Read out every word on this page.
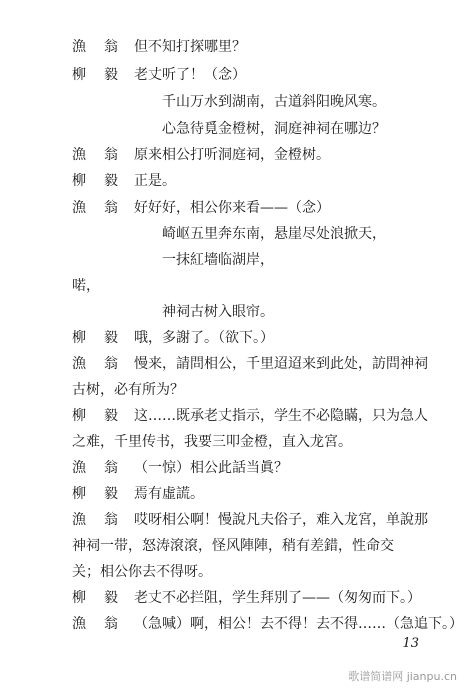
漁翁
但不知打探哪里？
柳毅
老丈听了！（念）
千山万水到湖南，古道斜阳晚风寒。
心急待覓金橙树，洞庭神祠在哪边？
漁翁
原来相公打听洞庭祠，金橙树。
柳毅
正是。
漁翁
好好好，相公你来看——（念）
崎岖五里奔东南，悬崖尽处浪掀天，
一抹紅墻临湖岸，
喏，
神祠古树入眼帘。
柳毅
哦，多謝了。（欲下。）
漁翁
慢来，請問相公，千里迢迢来到此处，訪問神祠
古树，必有所为？
柳毅
这……既承老丈指示，学生不必隐瞞，只为急人
之难，千里传书，我要三叩金橙，直入龙宮。
漁翁
（一惊）相公此話当眞？
柳毅
焉有虛謊。
漁翁
哎呀相公啊！慢說凡夫俗子，难入龙宮，单說那
神祠一带，怒涛滾滾，怪风陣陣，稍有差錯，性命交
关；相公你去不得呀。
柳毅
老丈不必拦阻，学生拜別了——（匆匆而下。）
漁翁
（急喊）啊，相公！去不得！去不得……（急追下。）
13
歌谱简谱网 jianpu.cn
